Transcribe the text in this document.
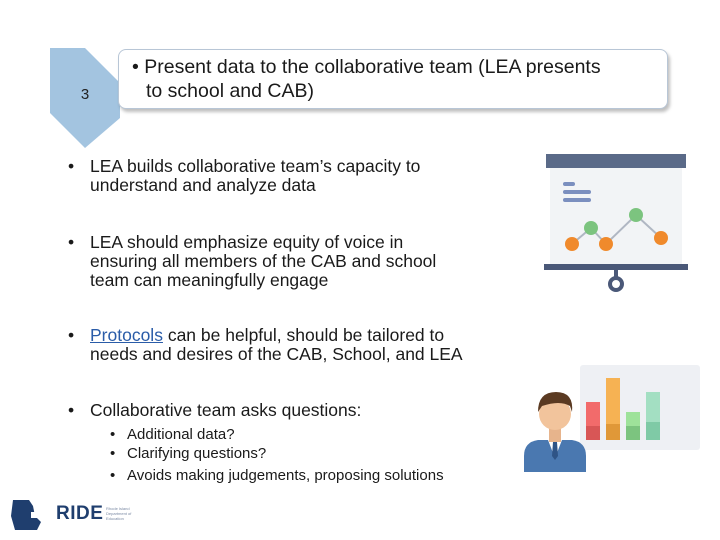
3
• Present data to the collaborative team (LEA presents
to school and CAB)
• LEA builds collaborative team’s capacity to
understand and analyze data
• LEA should emphasize equity of voice in
ensuring all members of the CAB and school
team can meaningfully engage
• Protocols can be helpful, should be tailored to
needs and desires of the CAB, School, and LEA
• Collaborative team asks questions:
• Additional data?
• Clarifying questions?
• Avoids making judgements, proposing solutions
RIDE Rhode Island Department of Education
